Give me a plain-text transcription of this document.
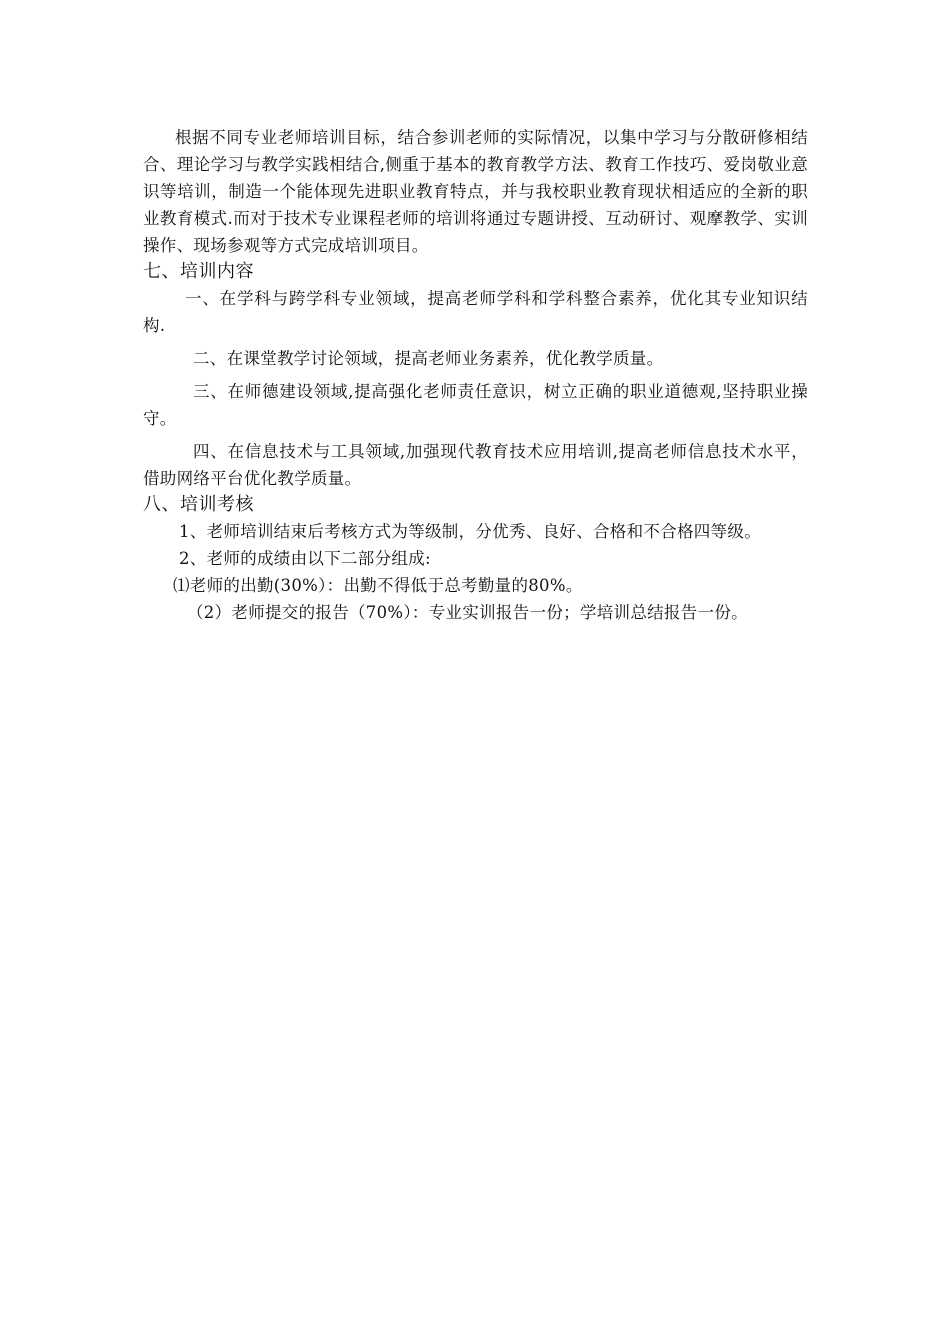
根据不同专业老师培训目标，结合参训老师的实际情况，以集中学习与分散研修相结合、理论学习与教学实践相结合,侧重于基本的教育教学方法、教育工作技巧、爱岗敬业意识等培训，制造一个能体现先进职业教育特点，并与我校职业教育现状相适应的全新的职业教育模式.而对于技术专业课程老师的培训将通过专题讲授、互动研讨、观摩教学、实训操作、现场参观等方式完成培训项目。

七、培训内容

一、在学科与跨学科专业领域，提高老师学科和学科整合素养，优化其专业知识结构.

二、在课堂教学讨论领域，提高老师业务素养，优化教学质量。

三、在师德建设领域,提高强化老师责任意识，树立正确的职业道德观,坚持职业操守。

四、在信息技术与工具领域,加强现代教育技术应用培训,提高老师信息技术水平，借助网络平台优化教学质量。

八、培训考核

1、老师培训结束后考核方式为等级制，分优秀、良好、合格和不合格四等级。

2、老师的成绩由以下二部分组成:

⑴老师的出勤(30%）：出勤不得低于总考勤量的80%。

（2）老师提交的报告（70%）：专业实训报告一份；学培训总结报告一份。
